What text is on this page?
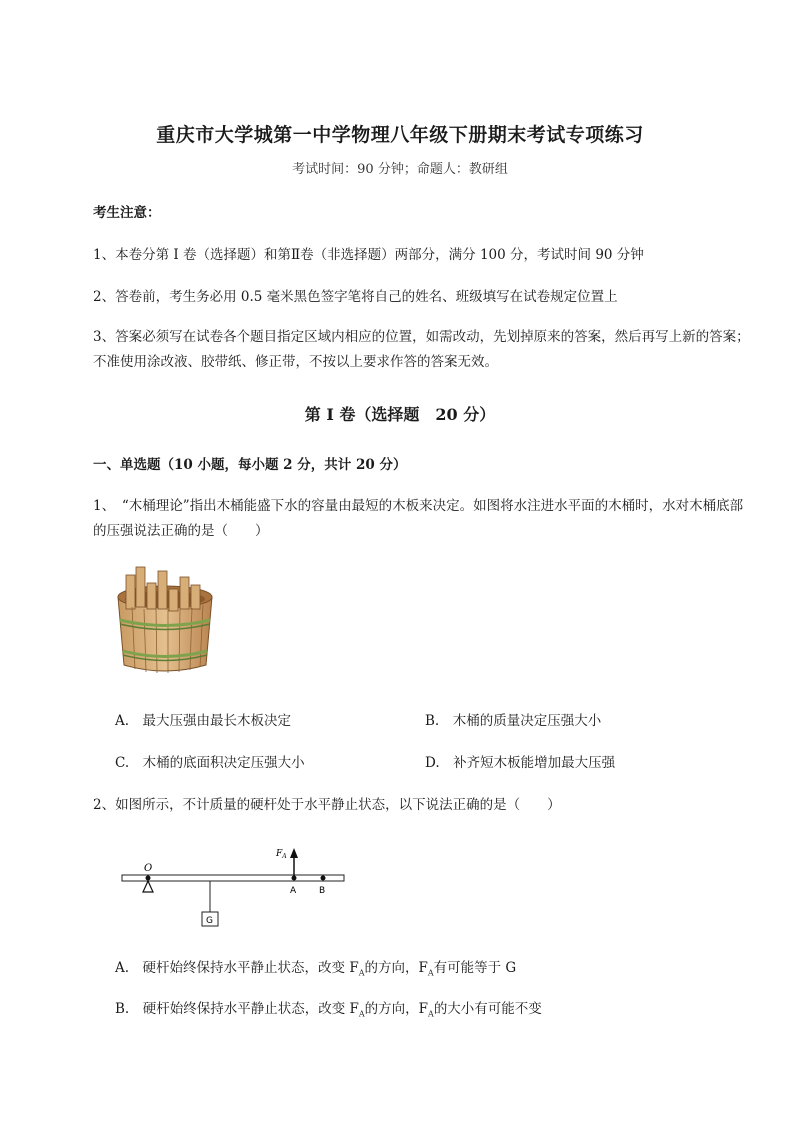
重庆市大学城第一中学物理八年级下册期末考试专项练习
考试时间：90 分钟；命题人：教研组
考生注意：
1、本卷分第 I 卷（选择题）和第Ⅱ卷（非选择题）两部分，满分 100 分，考试时间 90 分钟
2、答卷前，考生务必用 0.5 毫米黑色签字笔将自己的姓名、班级填写在试卷规定位置上
3、答案必须写在试卷各个题目指定区域内相应的位置，如需改动，先划掉原来的答案，然后再写上新的答案；不准使用涂改液、胶带纸、修正带，不按以上要求作答的答案无效。
第 I 卷（选择题　20 分）
一、单选题（10 小题，每小题 2 分，共计 20 分）
1、　“木桶理论”指出木桶能盛下水的容量由最短的木板来决定。如图将水注进水平面的木桶时，水对木桶底部的压强说法正确的是（　　）
A.　最大压强由最长木板决定	B.　木桶的质量决定压强大小
C.　木桶的底面积决定压强大小	D.　补齐短木板能增加最大压强
2、如图所示，不计质量的硬杆处于水平静止状态，以下说法正确的是（　　）
O
G
$F_A$
A	B
A.　硬杆始终保持水平静止状态，改变 $F_A$的方向，$F_A$有可能等于 G
B.　硬杆始终保持水平静止状态，改变 $F_A$的方向，$F_A$的大小有可能不变
